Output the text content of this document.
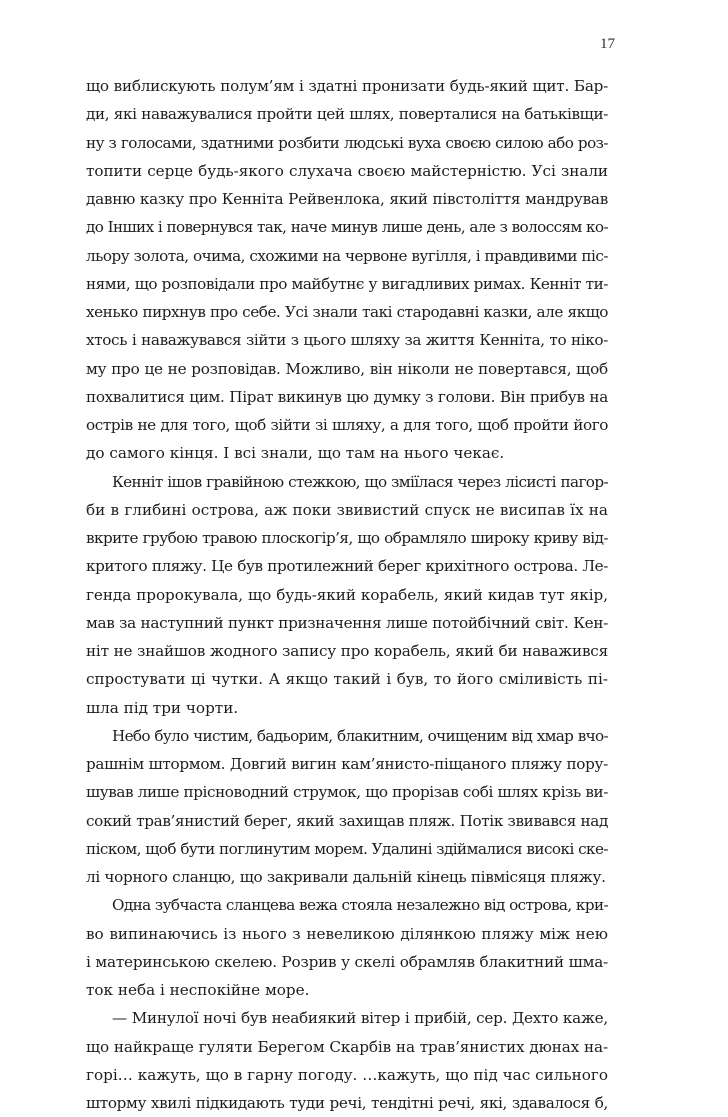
17

що виблискують полум’ям і здатні пронизати будь-який щит. Бар-
ди, які наважувалися пройти цей шлях, поверталися на батьківщи-
ну з голосами, здатними розбити людські вуха своєю силою або роз-
топити серце будь-якого слухача своєю майстерністю. Усі знали
давню казку про Кенніта Рейвенлока, який півстоліття мандрував
до Інших і повернувся так, наче минув лише день, але з волоссям ко-
льору золота, очима, схожими на червоне вугілля, і правдивими піс-
нями, що розповідали про майбутнє у вигадливих римах. Кенніт ти-
хенько пирхнув про себе. Усі знали такі стародавні казки, але якщо
хтось і наважувався зійти з цього шляху за життя Кенніта, то ніко-
му про це не розповідав. Можливо, він ніколи не повертався, щоб
похвалитися цим. Пірат викинув цю думку з голови. Він прибув на
острів не для того, щоб зійти зі шляху, а для того, щоб пройти його
до самого кінця. І всі знали, що там на нього чекає.

Кенніт ішов гравійною стежкою, що зміїлася через лісисті пагор-
би в глибині острова, аж поки звивистий спуск не висипав їх на
вкрите грубою травою плоскогір’я, що обрамляло широку криву від-
критого пляжу. Це був протилежний берег крихітного острова. Ле-
генда пророкувала, що будь-який корабель, який кидав тут якір,
мав за наступний пункт призначення лише потойбічний світ. Кен-
ніт не знайшов жодного запису про корабель, який би наважився
спростувати ці чутки. А якщо такий і був, то його сміливість пі-
шла під три чорти.

Небо було чистим, бадьорим, блакитним, очищеним від хмар вчо-
рашнім штормом. Довгий вигин кам’янисто-піщаного пляжу пору-
шував лише прісноводний струмок, що прорізав собі шлях крізь ви-
сокий трав’янистий берег, який захищав пляж. Потік звивався над
піском, щоб бути поглинутим морем. Удалині здіймалися високі ске-
лі чорного сланцю, що закривали дальній кінець півмісяця пляжу.

Одна зубчаста сланцева вежа стояла незалежно від острова, кри-
во випинаючись із нього з невеликою ділянкою пляжу між нею
і материнською скелею. Розрив у скелі обрамляв блакитний шма-
ток неба і неспокійне море.

— Минулої ночі був неабиякий вітер і прибій, сер. Дехто каже,
що найкраще гуляти Берегом Скарбів на трав’янистих дюнах на-
горі… кажуть, що в гарну погоду. …кажуть, що під час сильного
шторму хвилі підкидають туди речі, тендітні речі, які, здавалося б,
